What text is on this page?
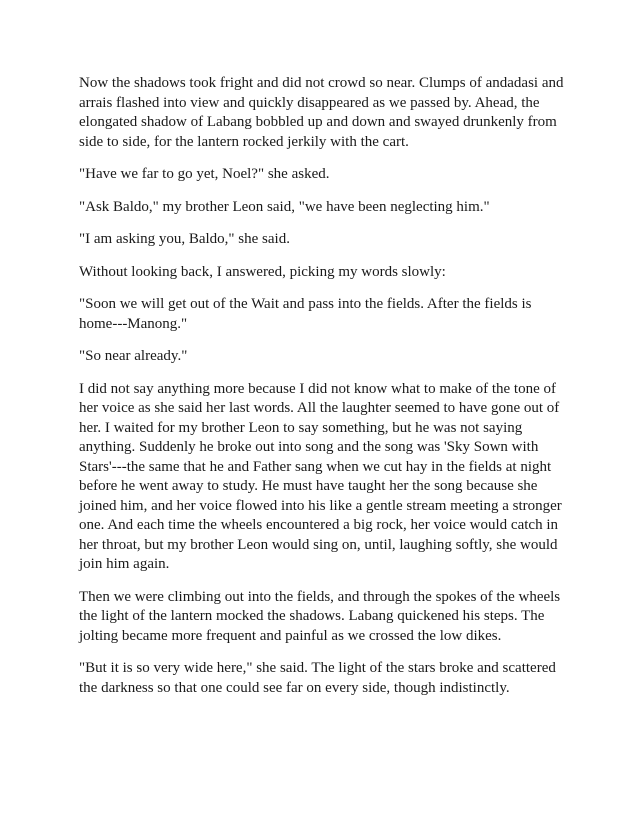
Now the shadows took fright and did not crowd so near. Clumps of andadasi and arrais flashed into view and quickly disappeared as we passed by. Ahead, the elongated shadow of Labang bobbled up and down and swayed drunkenly from side to side, for the lantern rocked jerkily with the cart.

"Have we far to go yet, Noel?" she asked.

"Ask Baldo," my brother Leon said, "we have been neglecting him."

"I am asking you, Baldo," she said.

Without looking back, I answered, picking my words slowly:

"Soon we will get out of the Wait and pass into the fields. After the fields is home---Manong."

"So near already."

I did not say anything more because I did not know what to make of the tone of her voice as she said her last words. All the laughter seemed to have gone out of her. I waited for my brother Leon to say something, but he was not saying anything. Suddenly he broke out into song and the song was 'Sky Sown with Stars'---the same that he and Father sang when we cut hay in the fields at night before he went away to study. He must have taught her the song because she joined him, and her voice flowed into his like a gentle stream meeting a stronger one. And each time the wheels encountered a big rock, her voice would catch in her throat, but my brother Leon would sing on, until, laughing softly, she would join him again.

Then we were climbing out into the fields, and through the spokes of the wheels the light of the lantern mocked the shadows. Labang quickened his steps. The jolting became more frequent and painful as we crossed the low dikes.

"But it is so very wide here," she said. The light of the stars broke and scattered the darkness so that one could see far on every side, though indistinctly.
